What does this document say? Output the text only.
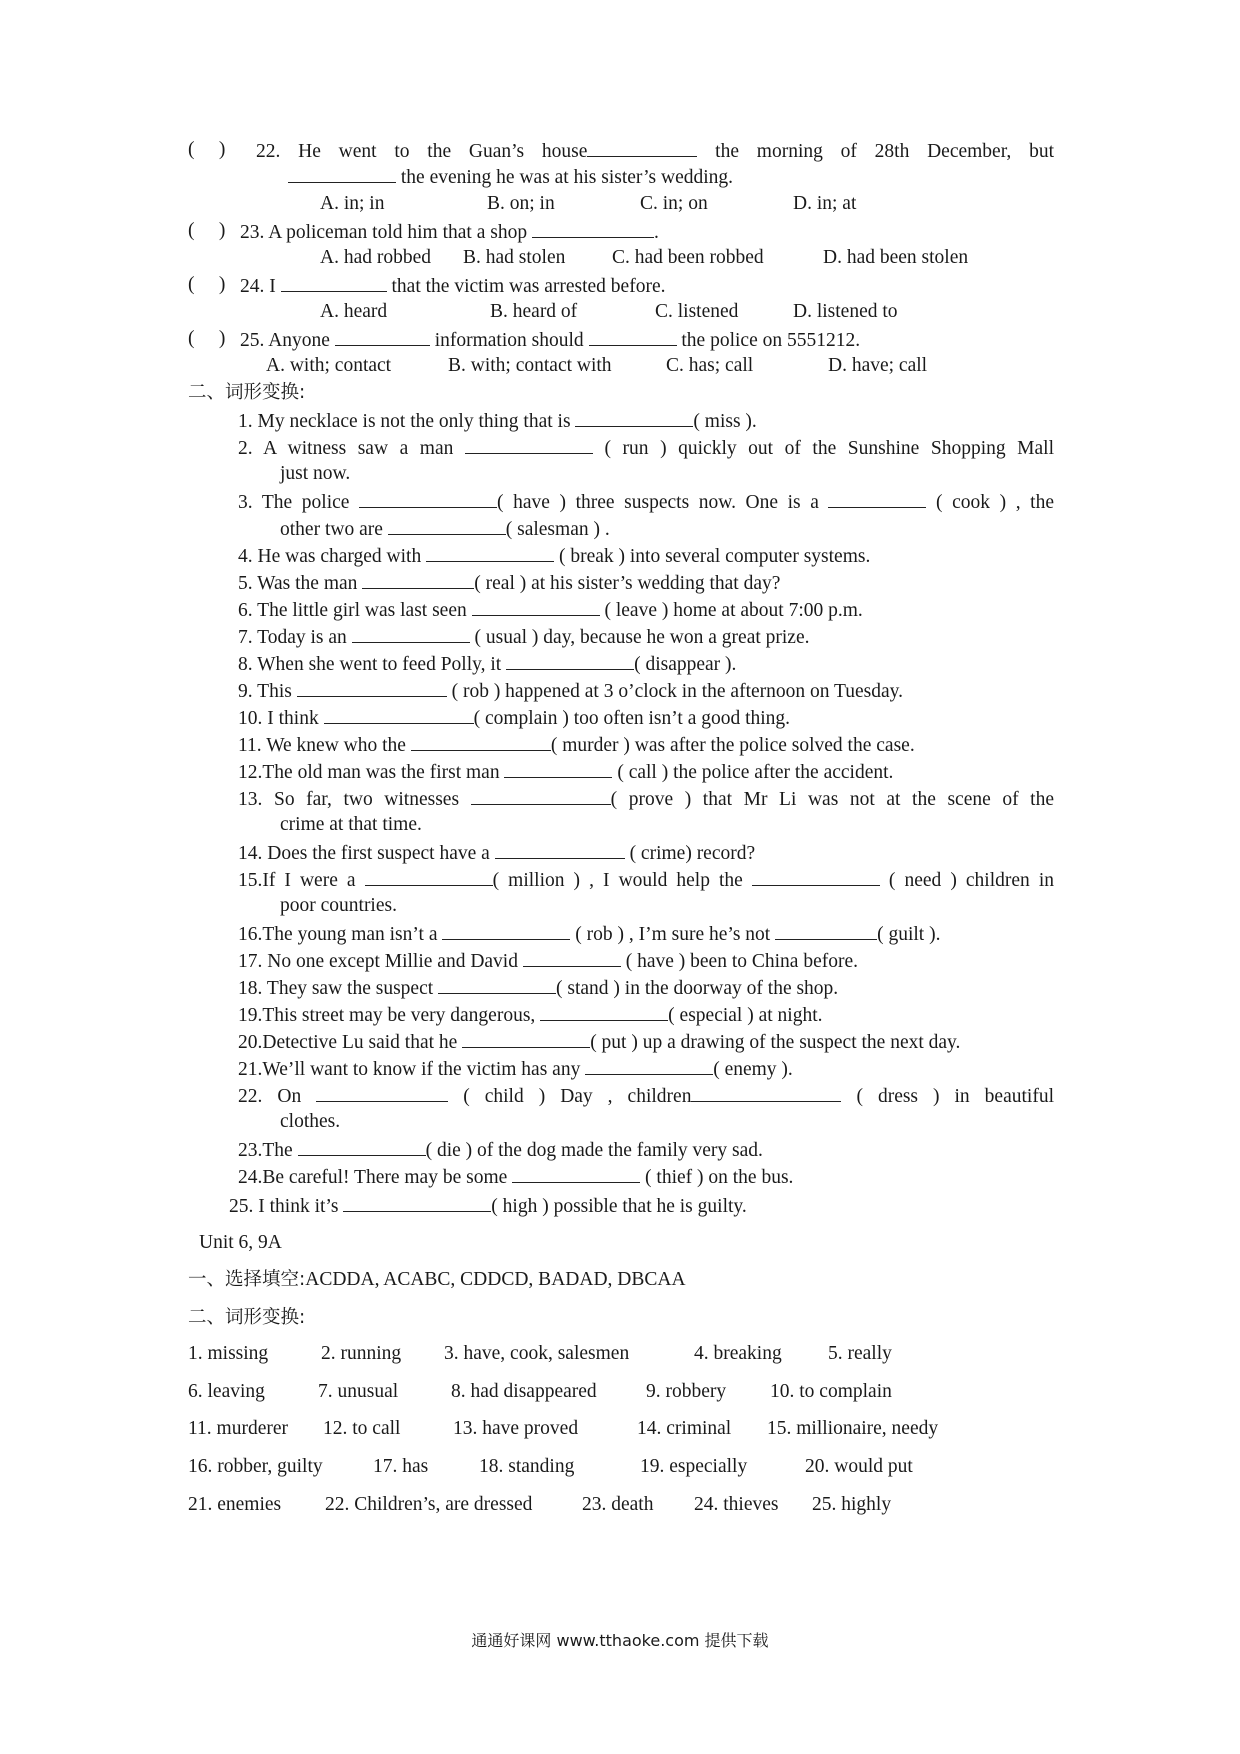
(     ) 22. He went to the Guan’s house	the morning of 28th December, but
the evening he was at his sister’s wedding.
A. in; in	B. on; in	C. in; on	D. in; at
(     ) 23. A policeman told him that a shop	.
A. had robbed B. had stolen C. had been robbed	D. had been stolen
(     ) 24. I	that the victim was arrested before.
A. heard	B. heard of	C. listened	D. listened to
(     ) 25. Anyone	information should	the police on 5551212.
A. with; contact	B. with; contact with	C. has; call	D. have; call
二、词形变换:
1. My necklace is not the only thing that is	( miss ).
2. A witness saw a man	( run ) quickly out of the Sunshine Shopping Mall
just now.
3. The police	( have ) three suspects now. One is a	( cook ) , the
other two are	( salesman ) .
4. He was charged with	( break ) into several computer systems.
5. Was the man	( real ) at his sister’s wedding that day?
6. The little girl was last seen	( leave ) home at about 7:00 p.m.
7. Today is an	( usual ) day, because he won a great prize.
8. When she went to feed Polly, it	( disappear ).
9. This	( rob ) happened at 3 o’clock in the afternoon on Tuesday.
10. I think	( complain ) too often isn’t a good thing.
11. We knew who the	( murder ) was after the police solved the case.
12.The old man was the first man	( call ) the police after the accident.
13. So far, two witnesses	( prove ) that Mr Li was not at the scene of the
crime at that time.
14. Does the first suspect have a	( crime) record?
15.If I were a	( million ) , I would help the	( need ) children in
poor countries.
16.The young man isn’t a	( rob ) , I’m sure he’s not	( guilt ).
17. No one except Millie and David	( have ) been to China before.
18. They saw the suspect	( stand ) in the doorway of the shop.
19.This street may be very dangerous,	( especial ) at night.
20.Detective Lu said that he	( put ) up a drawing of the suspect the next day.
21.We’ll want to know if the victim has any	( enemy ).
22. On	( child ) Day , children	( dress ) in beautiful
clothes.
23.The	( die ) of the dog made the family very sad.
24.Be careful! There may be some	( thief ) on the bus.
25. I think it’s	( high ) possible that he is guilty.
Unit 6, 9A
一、选择填空:ACDDA, ACABC, CDDCD, BADAD, DBCAA
二、词形变换:
1. missing	2. running 3. have, cook, salesmen	4. breaking 5. really
6. leaving	7. unusual	8. had disappeared	9. robbery 10. to complain
11. murderer 12. to call	13. have proved	14. criminal 15. millionaire, needy
16. robber, guilty	17. has	18. standing	19. especially	20. would put
21. enemies 22. Children’s, are dressed	23. death 24. thieves 25. highly
通通好课网 www.tthaoke.com 提供下载
